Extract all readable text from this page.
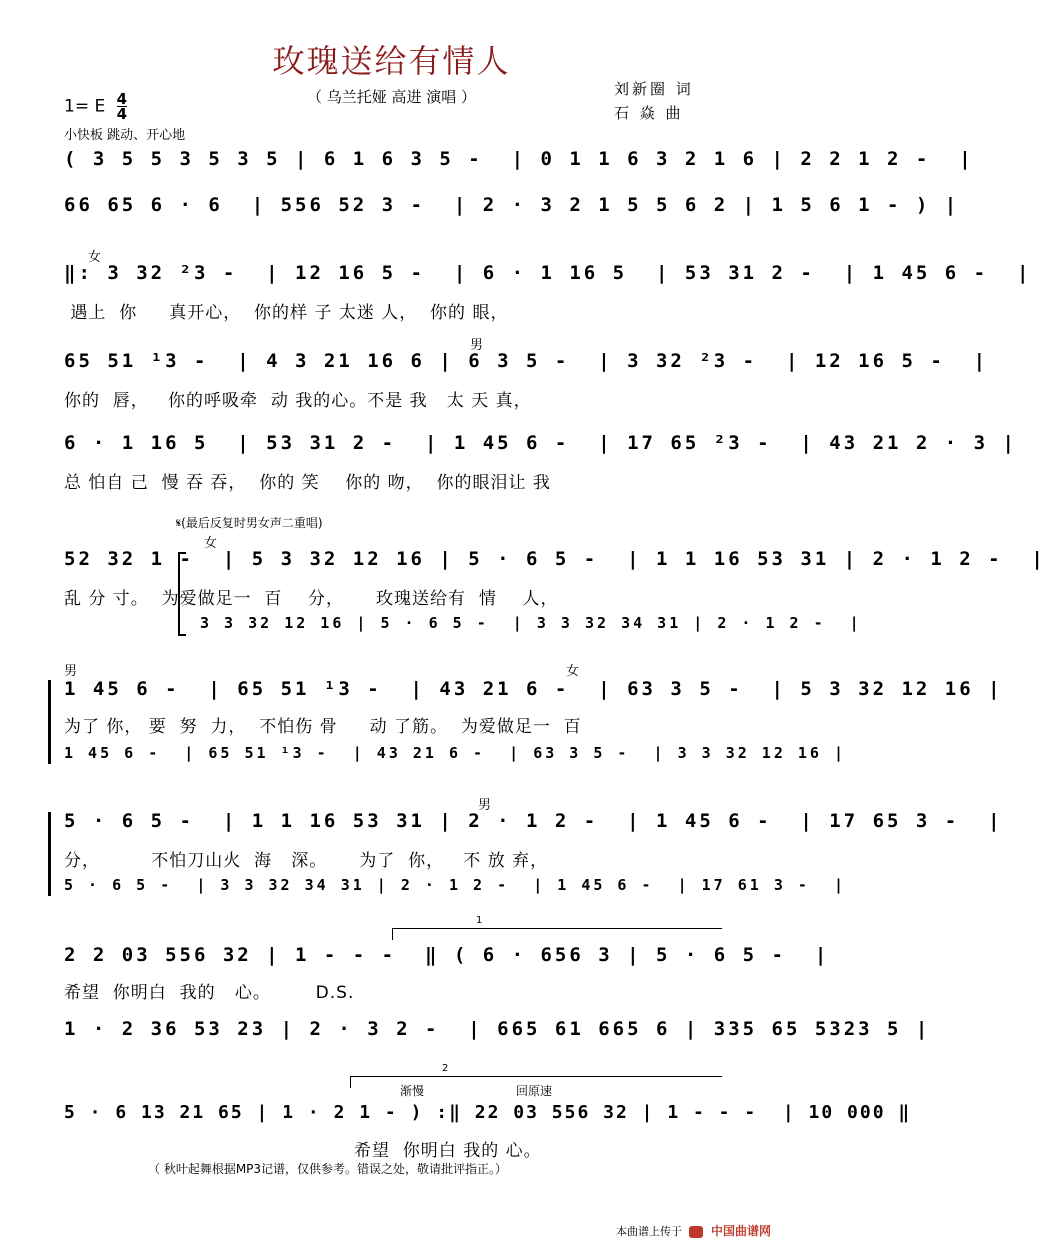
玫瑰送给有情人
（ 乌兰托娅 高进 演唱 ）	刘新圈 词
石 焱 曲
1= E $\frac{4}{4}$
小快板 跳动、开心地
( 3 5 5 3 5 3 5 | 6 1 6 3 5 -  | 0 1 1 6 3 2 1 6 | 2 2 1 2 -  |
66 65 6 · 6  | 556 52 3 -  | 2 · 3 2 1 5 5 6 2 | 1 5 6 1 - ) |
女
‖: 3 32 ²3 -  | 12 16 5 -  | 6 · 1 16 5  | 53 31 2 -  | 1 45 6 -  |
遇上  你     真开心，  你的样 子 太迷 人，  你的 眼，
男
65 51 ¹3 -  | 4 3 21 16 6 | 6 3 5 -  | 3 32 ²3 -  | 12 16 5 -  |
你的  唇，   你的呼吸牵  动 我的心。不是 我   太 天 真，
6 · 1 16 5  | 53 31 2 -  | 1 45 6 -  | 17 65 ²3 -  | 43 21 2 · 3 |
总 怕自 己  慢 吞 吞，  你的 笑    你的 吻，  你的眼泪让 我
𝄋(最后反复时男女声二重唱)
女
52 32 1 -  | 5 3 32 12 16 | 5 · 6 5 -  | 1 1 16 53 31 | 2 · 1 2 -  |
乱 分 寸。  为爱做足一  百    分，     玫瑰送给有  情    人，
3 3 32 12 16 | 5 · 6 5 -  | 3 3 32 34 31 | 2 · 1 2 -  |
男	女
1 45 6 -  | 65 51 ¹3 -  | 43 21 6 -  | 63 3 5 -  | 5 3 32 12 16 |
为了 你， 要  努  力，  不怕伤 骨     动 了筋。  为爱做足一  百
1 45 6 -  | 65 51 ¹3 -  | 43 21 6 -  | 63 3 5 -  | 3 3 32 12 16 |
男
5 · 6 5 -  | 1 1 16 53 31 | 2 · 1 2 -  | 1 45 6 -  | 17 65 3 -  |
分，        不怕刀山火  海   深。     为了  你，   不 放 弃，
5 · 6 5 -  | 3 3 32 34 31 | 2 · 1 2 -  | 1 45 6 -  | 17 61 3 -  |
1
2 2 03 556 32 | 1 - - -  ‖ ( 6 · 656 3 | 5 · 6 5 -  |
希望  你明白  我的   心。       D.S.
1 · 2 36 53 23 | 2 · 3 2 -  | 665 61 665 6 | 335 65 5323 5 |
2
渐慢	回原速
5 · 6 13 21 65 | 1 · 2 1 - ) :‖ 22 03 556 32 | 1 - - -  | 10 000 ‖
希望  你明白 我的 心。
（ 秋叶起舞根据MP3记谱，仅供参考。错误之处，敬请批评指正。）
本曲谱上传于 中国曲谱网
